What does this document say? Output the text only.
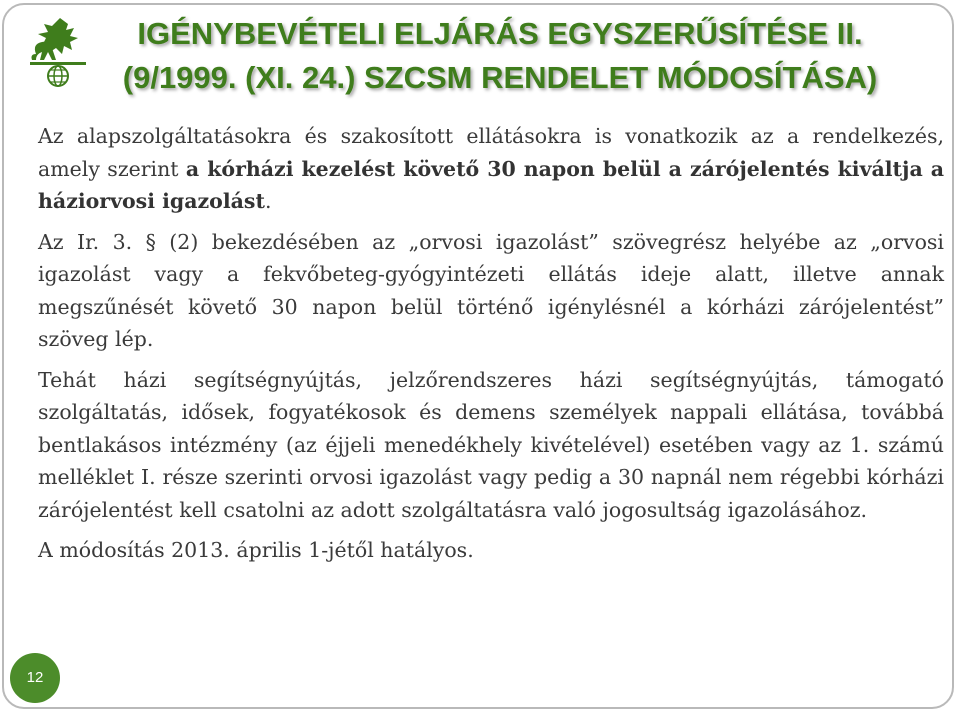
IGÉNYBEVÉTELI ELJÁRÁS EGYSZERŰSÍTÉSE II.
(9/1999. (XI. 24.) SZCSM RENDELET MÓDOSÍTÁSA)

Az alapszolgáltatásokra és szakosított ellátásokra is vonatkozik az a rendelkezés, amely szerint a kórházi kezelést követő 30 napon belül a zárójelentés kiváltja a háziorvosi igazolást.

Az Ir. 3. § (2) bekezdésében az „orvosi igazolást” szövegrész helyébe az „orvosi igazolást vagy a fekvőbeteg-gyógyintézeti ellátás ideje alatt, illetve annak megszűnését követő 30 napon belül történő igénylésnél a kórházi zárójelentést” szöveg lép.

Tehát házi segítségnyújtás, jelzőrendszeres házi segítségnyújtás, támogató szolgáltatás, idősek, fogyatékosok és demens személyek nappali ellátása, továbbá bentlakásos intézmény (az éjjeli menedékhely kivételével) esetében vagy az 1. számú melléklet I. része szerinti orvosi igazolást vagy pedig a 30 napnál nem régebbi kórházi zárójelentést kell csatolni az adott szolgáltatásra való jogosultság igazolásához.

A módosítás 2013. április 1-jétől hatályos.

12
